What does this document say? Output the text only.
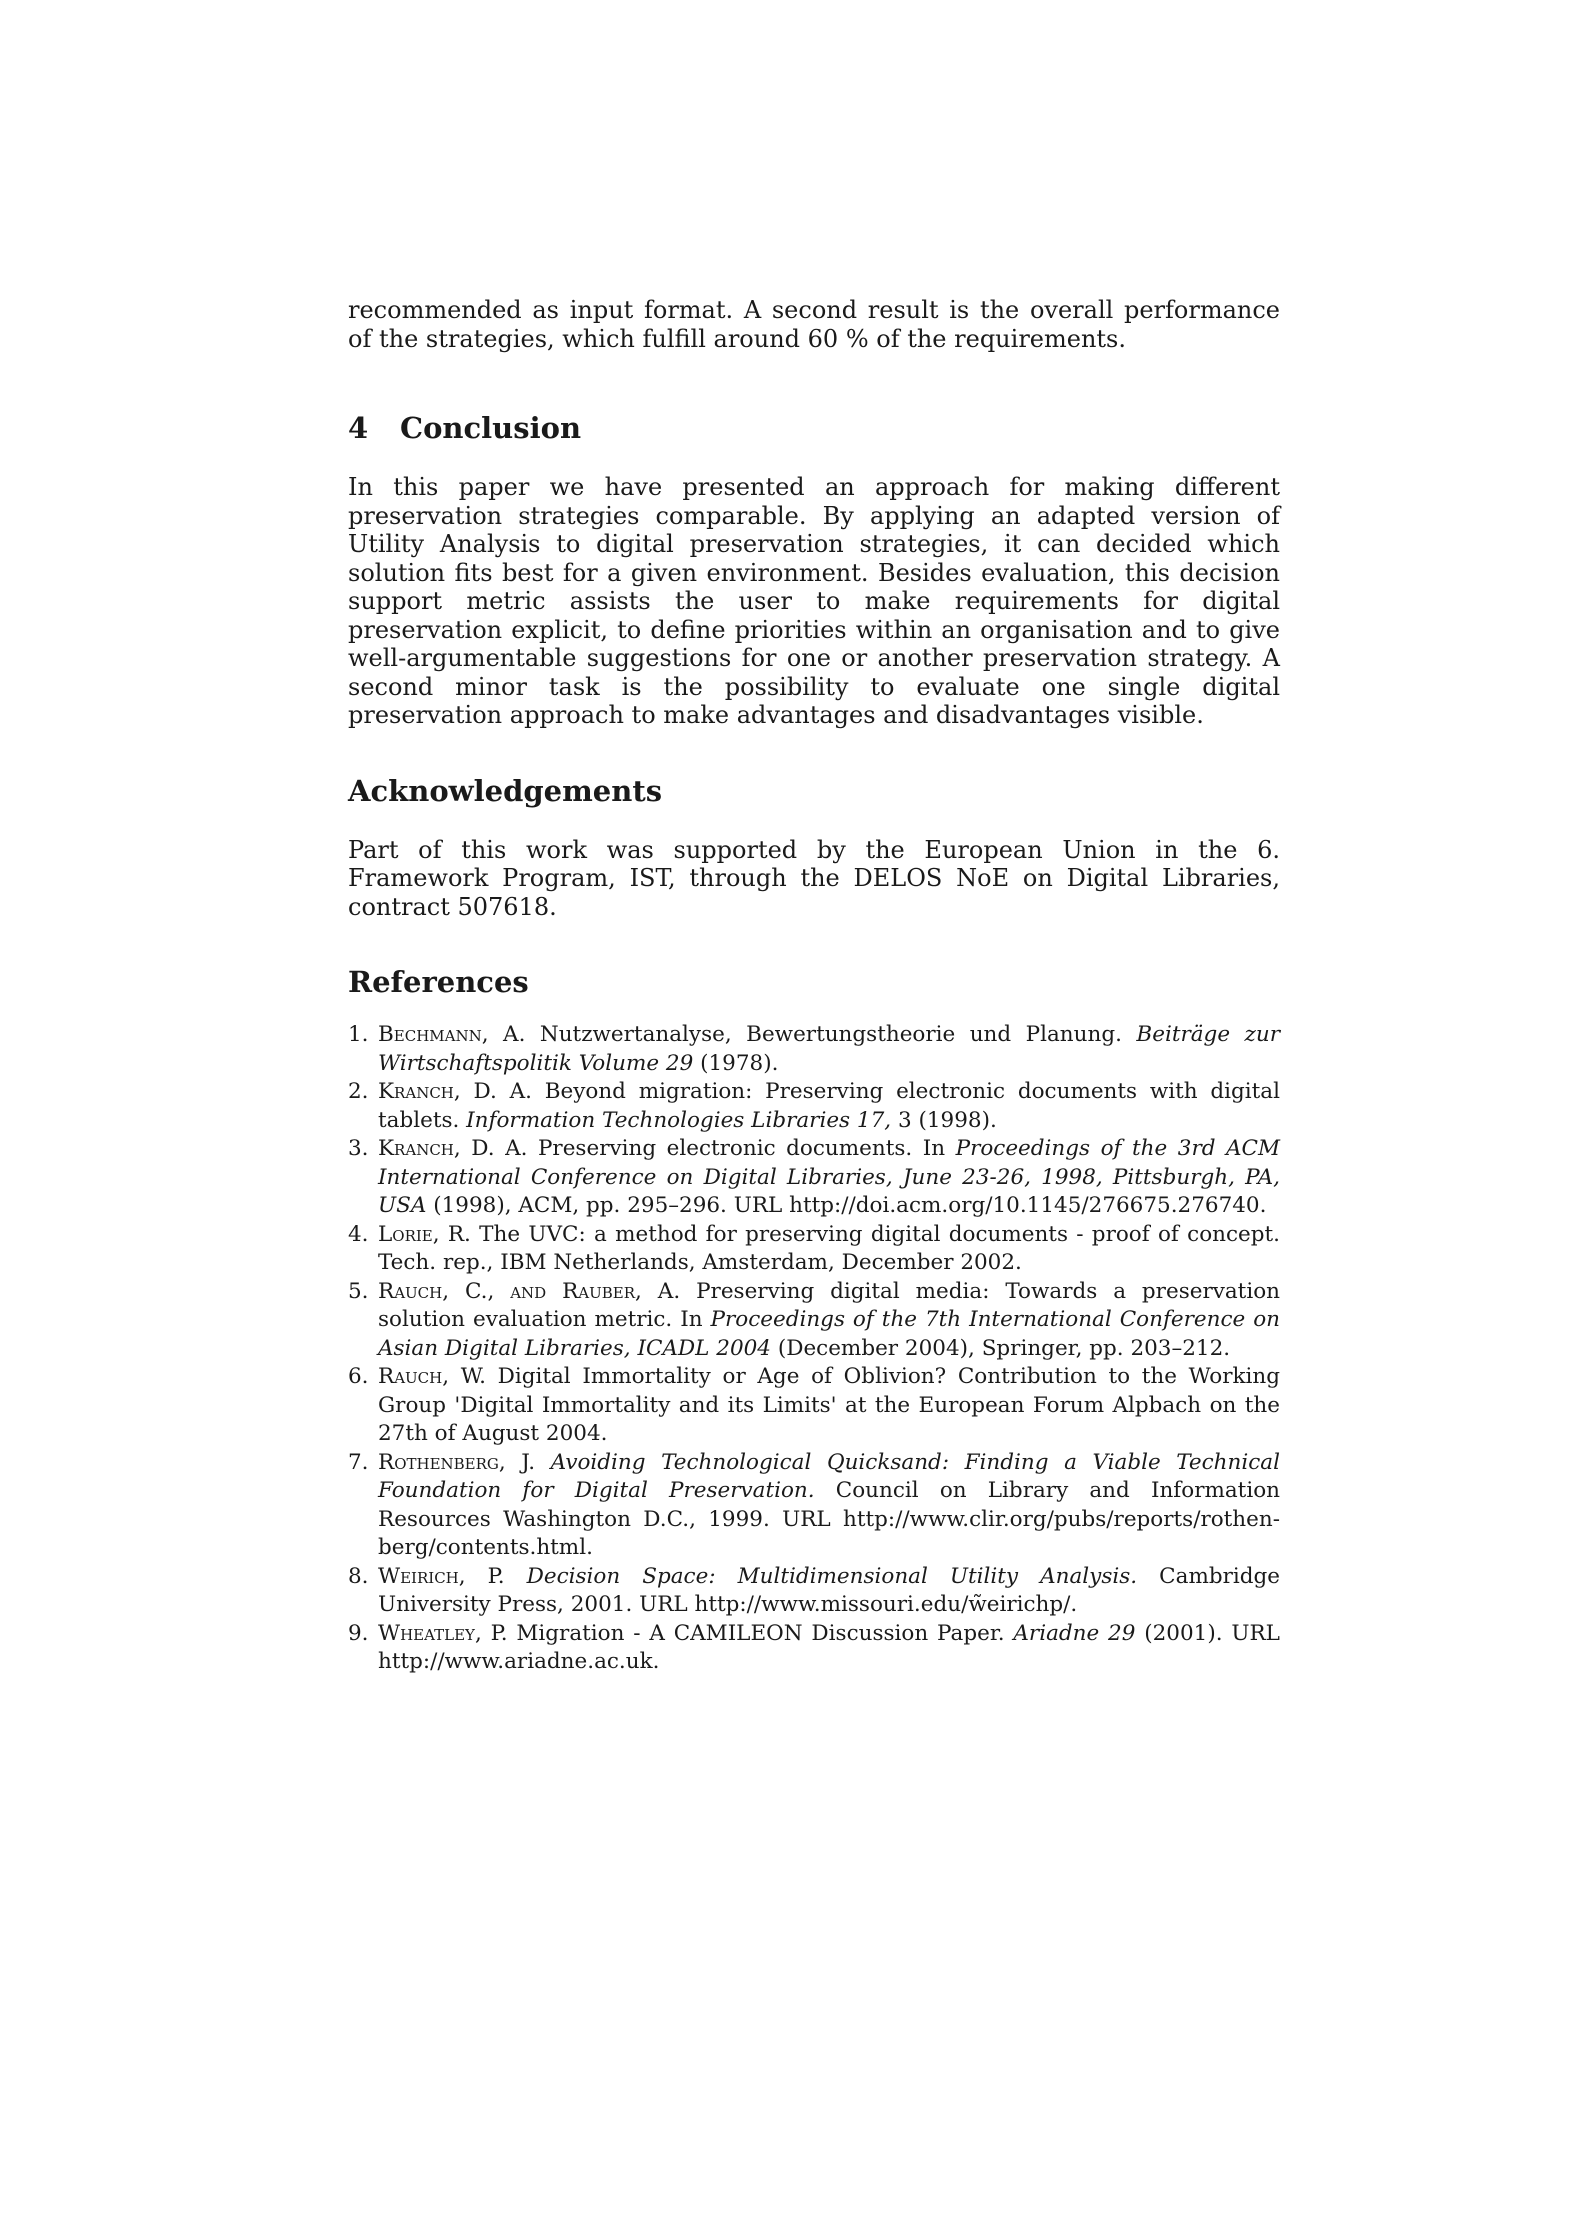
recommended as input format. A second result is the overall performance of the strategies, which fulfill around 60 % of the requirements.

4 Conclusion

In this paper we have presented an approach for making different preservation strategies comparable. By applying an adapted version of Utility Analysis to digital preservation strategies, it can decided which solution fits best for a given environment. Besides evaluation, this decision support metric assists the user to make requirements for digital preservation explicit, to define priorities within an organisation and to give well-argumentable suggestions for one or another preservation strategy. A second minor task is the possibility to evaluate one single digital preservation approach to make advantages and disadvantages visible.

Acknowledgements

Part of this work was supported by the European Union in the 6. Framework Program, IST, through the DELOS NoE on Digital Libraries, contract 507618.

References
1. Bechmann, A. Nutzwertanalyse, Bewertungstheorie und Planung. Beiträge zur Wirtschaftspolitik Volume 29 (1978).
2. Kranch, D. A. Beyond migration: Preserving electronic documents with digital tablets. Information Technologies Libraries 17, 3 (1998).
3. Kranch, D. A. Preserving electronic documents. In Proceedings of the 3rd ACM International Conference on Digital Libraries, June 23-26, 1998, Pittsburgh, PA, USA (1998), ACM, pp. 295–296. URL http://doi.acm.org/10.1145/276675.276740.
4. Lorie, R. The UVC: a method for preserving digital documents - proof of concept. Tech. rep., IBM Netherlands, Amsterdam, December 2002.
5. Rauch, C., and Rauber, A. Preserving digital media: Towards a preservation solution evaluation metric. In Proceedings of the 7th International Conference on Asian Digital Libraries, ICADL 2004 (December 2004), Springer, pp. 203–212.
6. Rauch, W. Digital Immortality or Age of Oblivion? Contribution to the Working Group 'Digital Immortality and its Limits' at the European Forum Alpbach on the 27th of August 2004.
7. Rothenberg, J. Avoiding Technological Quicksand: Finding a Viable Technical Foundation for Digital Preservation. Council on Library and Information Resources Washington D.C., 1999. URL http://www.clir.org/pubs/reports/rothen-berg/contents.html.
8. Weirich, P. Decision Space: Multidimensional Utility Analysis. Cambridge University Press, 2001. URL http://www.missouri.edu/w̃eirichp/.
9. Wheatley, P. Migration - A CAMILEON Discussion Paper. Ariadne 29 (2001). URL http://www.ariadne.ac.uk.
